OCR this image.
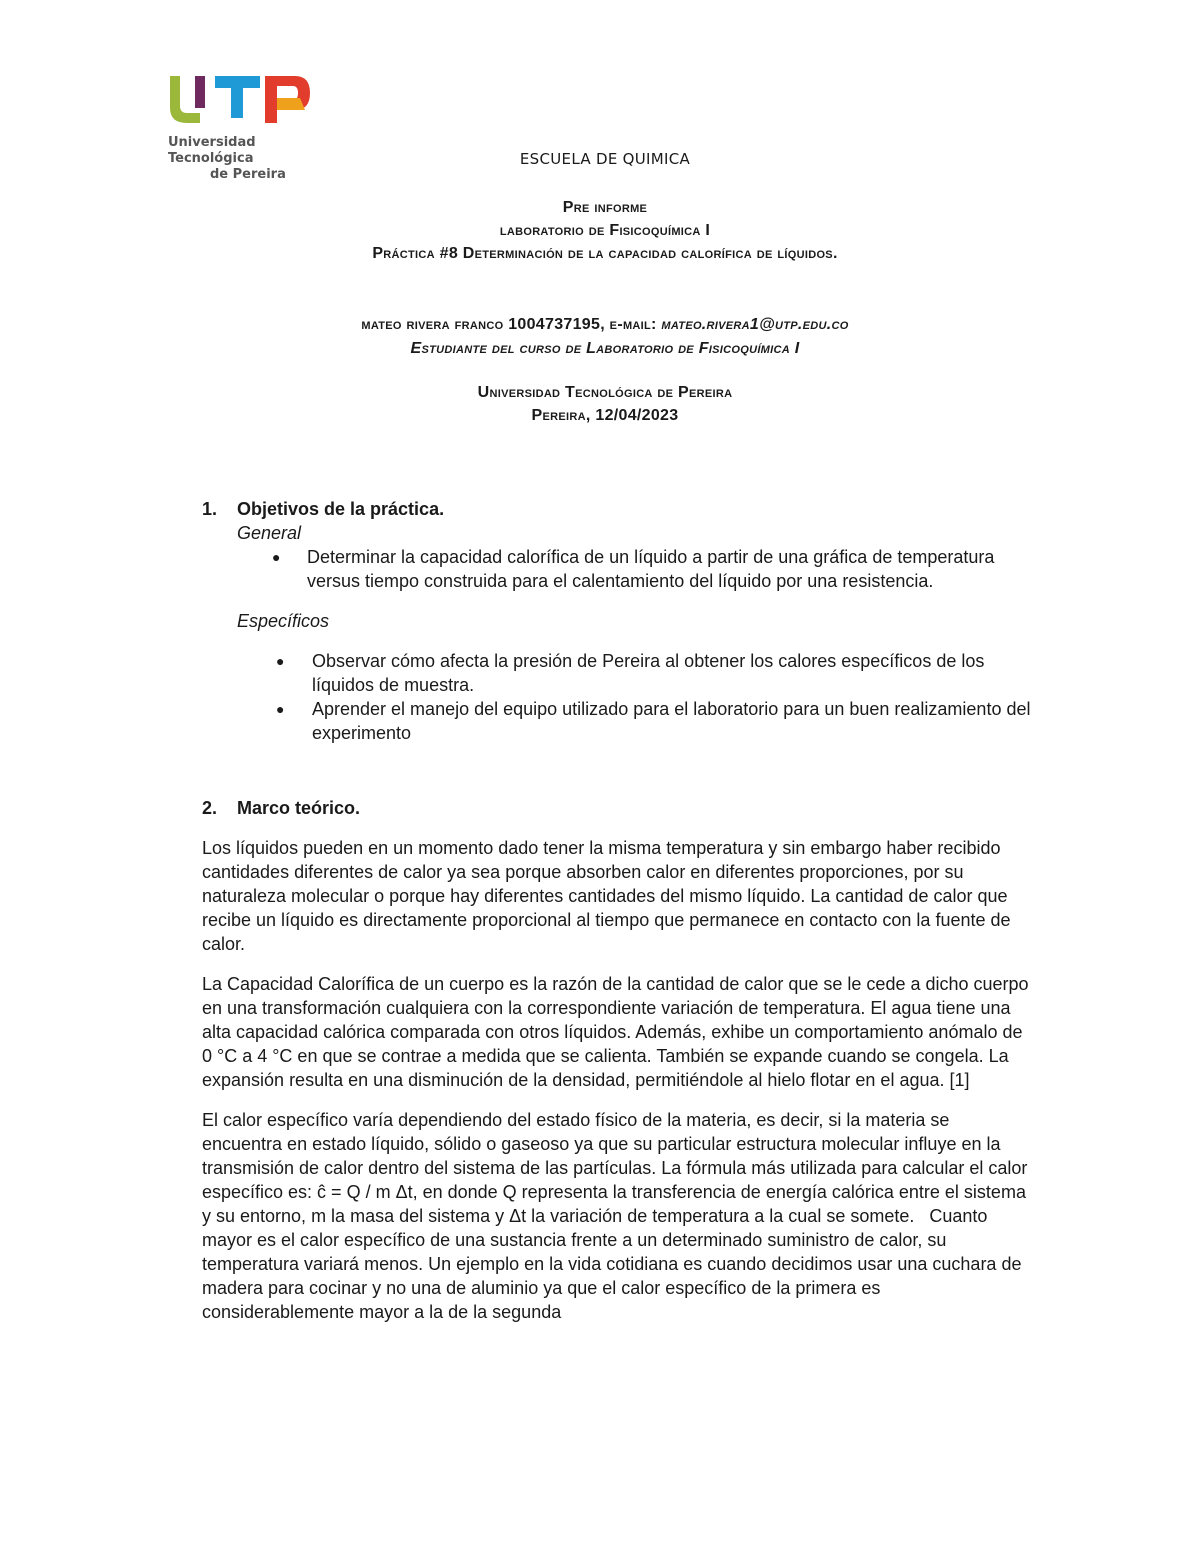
Universidad Tecnológica
de Pereira
ESCUELA DE QUIMICA
Pre informe
laboratorio de Fisicoquímica I
Práctica #8 Determinación de la capacidad calorífica de líquidos.
mateo rivera franco 1004737195, e-mail: mateo.rivera1@utp.edu.co
Estudiante del curso de Laboratorio de Fisicoquímica I
Universidad Tecnológica de Pereira
Pereira, 12/04/2023
1. Objetivos de la práctica.
General
● Determinar la capacidad calorífica de un líquido a partir de una gráfica de temperatura versus tiempo construida para el calentamiento del líquido por una resistencia.
Específicos
● Observar cómo afecta la presión de Pereira al obtener los calores específicos de los líquidos de muestra.
● Aprender el manejo del equipo utilizado para el laboratorio para un buen realizamiento del experimento
2. Marco teórico.

Los líquidos pueden en un momento dado tener la misma temperatura y sin embargo haber recibido cantidades diferentes de calor ya sea porque absorben calor en diferentes proporciones, por su naturaleza molecular o porque hay diferentes cantidades del mismo líquido. La cantidad de calor que recibe un líquido es directamente proporcional al tiempo que permanece en contacto con la fuente de calor.

La Capacidad Calorífica de un cuerpo es la razón de la cantidad de calor que se le cede a dicho cuerpo en una transformación cualquiera con la correspondiente variación de temperatura. El agua tiene una alta capacidad calórica comparada con otros líquidos. Además, exhibe un comportamiento anómalo de 0 °C a 4 °C en que se contrae a medida que se calienta. También se expande cuando se congela. La expansión resulta en una disminución de la densidad, permitiéndole al hielo flotar en el agua. [1]

El calor específico varía dependiendo del estado físico de la materia, es decir, si la materia se encuentra en estado líquido, sólido o gaseoso ya que su particular estructura molecular influye en la transmisión de calor dentro del sistema de las partículas. La fórmula más utilizada para calcular el calor específico es: ĉ = Q / m Δt, en donde Q representa la transferencia de energía calórica entre el sistema y su entorno, m la masa del sistema y Δt la variación de temperatura a la cual se somete.   Cuanto mayor es el calor específico de una sustancia frente a un determinado suministro de calor, su temperatura variará menos. Un ejemplo en la vida cotidiana es cuando decidimos usar una cuchara de madera para cocinar y no una de aluminio ya que el calor específico de la primera es considerablemente mayor a la de la segunda
